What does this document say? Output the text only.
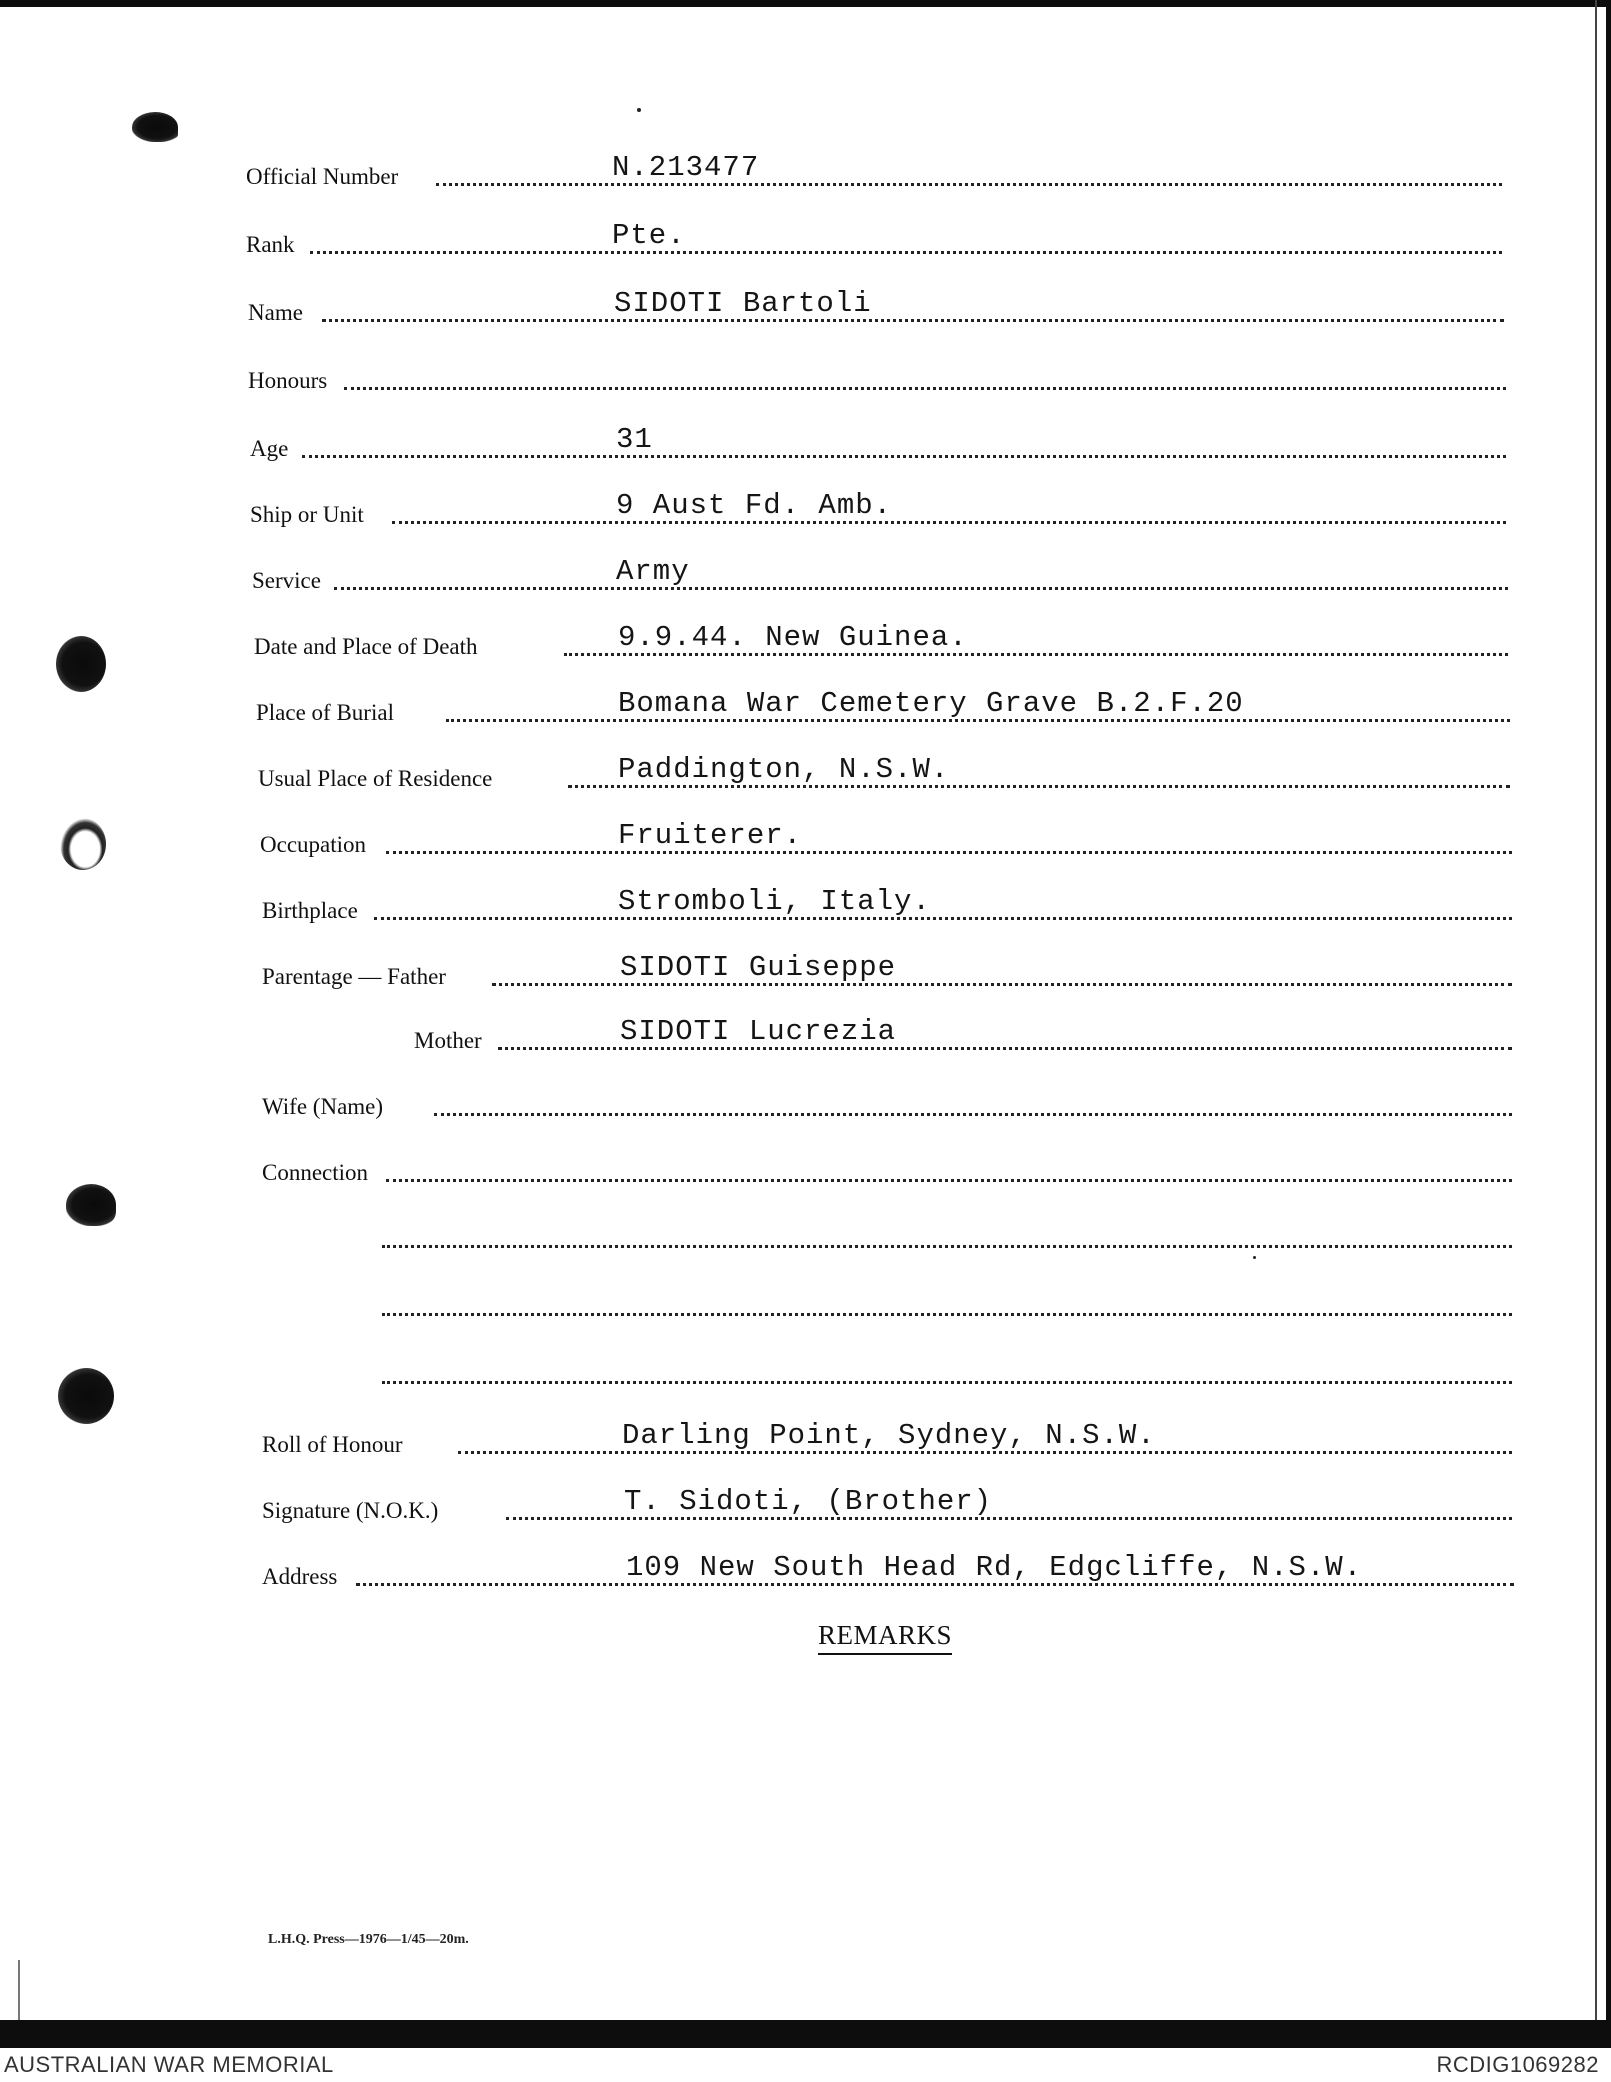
Official Number	N.213477
Rank	Pte.
Name	SIDOTI Bartoli
Honours
Age	31
Ship or Unit	9 Aust Fd. Amb.
Service	Army
Date and Place of Death	9.9.44. New Guinea.
Place of Burial	Bomana War Cemetery Grave B.2.F.20
Usual Place of Residence	Paddington, N.S.W.
Occupation	Fruiterer.
Birthplace	Stromboli, Italy.
Parentage — Father	SIDOTI Guiseppe
Mother	SIDOTI Lucrezia
Wife (Name)
Connection
Roll of Honour	Darling Point, Sydney, N.S.W.
Signature (N.O.K.)	T. Sidoti, (Brother)
Address	109 New South Head Rd, Edgcliffe, N.S.W.
REMARKS
L.H.Q. Press—1976—1/45—20m.
AUSTRALIAN WAR MEMORIAL	RCDIG1069282
